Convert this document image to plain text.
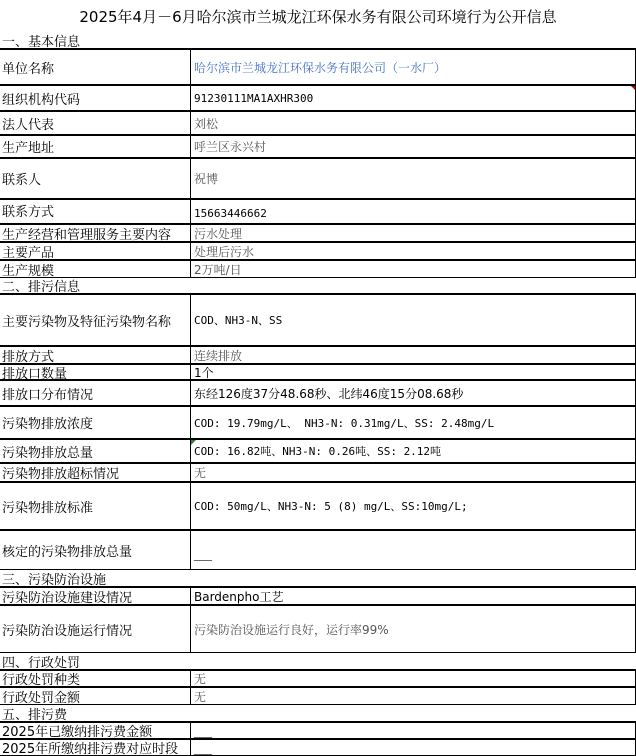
2025年4月－6月哈尔滨市兰城龙江环保水务有限公司环境行为公开信息
一、基本信息
单位名称	哈尔滨市兰城龙江环保水务有限公司（一水厂）
组织机构代码	91230111MA1AXHR300
法人代表	刘松
生产地址	呼兰区永兴村
联系人	祝博
联系方式	15663446662
生产经营和管理服务主要内容	污水处理
主要产品	处理后污水
生产规模	2万吨/日
二、排污信息
主要污染物及特征污染物名称	COD、NH3-N、SS
排放方式	连续排放
排放口数量	1个
排放口分布情况	东经126度37分48.68秒、北纬46度15分08.68秒
污染物排放浓度	COD: 19.79mg/L、 NH3-N: 0.31mg/L、SS: 2.48mg/L
污染物排放总量	COD: 16.82吨、NH3-N: 0.26吨、SS: 2.12吨
污染物排放超标情况	无
污染物排放标准	COD: 50mg/L、NH3-N: 5 (8) mg/L、SS:10mg/L;
核定的污染物排放总量	___
三、污染防治设施
污染防治设施建设情况	Bardenpho工艺
污染防治设施运行情况	污染防治设施运行良好，运行率99%
四、行政处罚
行政处罚种类	无
行政处罚金额	无
五、排污费
2025年已缴纳排污费金额	___
2025年所缴纳排污费对应时段	___
